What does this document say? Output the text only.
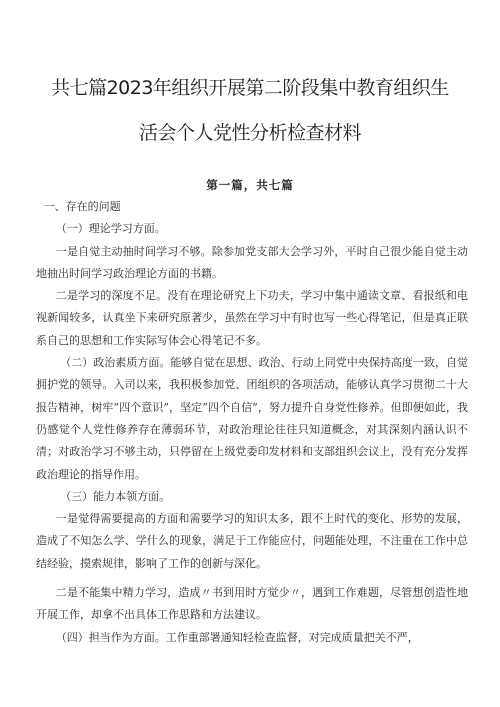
共七篇2023年组织开展第二阶段集中教育组织生
活会个人党性分析检查材料
第一篇，共七篇

一、存在的问题

（一）理论学习方面。

一是自觉主动抽时间学习不够。除参加党支部大会学习外，平时自己很少能自觉主动地抽出时间学习政治理论方面的书籍。

二是学习的深度不足。没有在理论研究上下功夫，学习中集中通读文章、看报纸和电视新闻较多，认真坐下来研究原著少，虽然在学习中有时也写一些心得笔记，但是真正联系自己的思想和工作实际写体会心得笔记不多。

（二）政治素质方面。能够自觉在思想、政治、行动上同党中央保持高度一致，自觉拥护党的领导。入司以来，我积极参加党、团组织的各项活动，能够认真学习贯彻二十大报告精神，树牢“四个意识”，坚定“四个自信”，努力提升自身党性修养。但即便如此，我仍感觉个人党性修养存在薄弱环节，对政治理论往往只知道概念，对其深刻内涵认识不清；对政治学习不够主动，只停留在上级党委印发材料和支部组织会议上，没有充分发挥政治理论的指导作用。

（三）能力本领方面。

一是觉得需要提高的方面和需要学习的知识太多，跟不上时代的变化、形势的发展，造成了不知怎么学、学什么的现象，满足于工作能应付，问题能处理，不注重在工作中总结经验，摸索规律，影响了工作的创新与深化。

二是不能集中精力学习，造成〃书到用时方觉少〃，遇到工作难题，尽管想创造性地开展工作，却拿不出具体工作思路和方法建议。

（四）担当作为方面。工作重部署通知轻检查监督，对完成质量把关不严，
